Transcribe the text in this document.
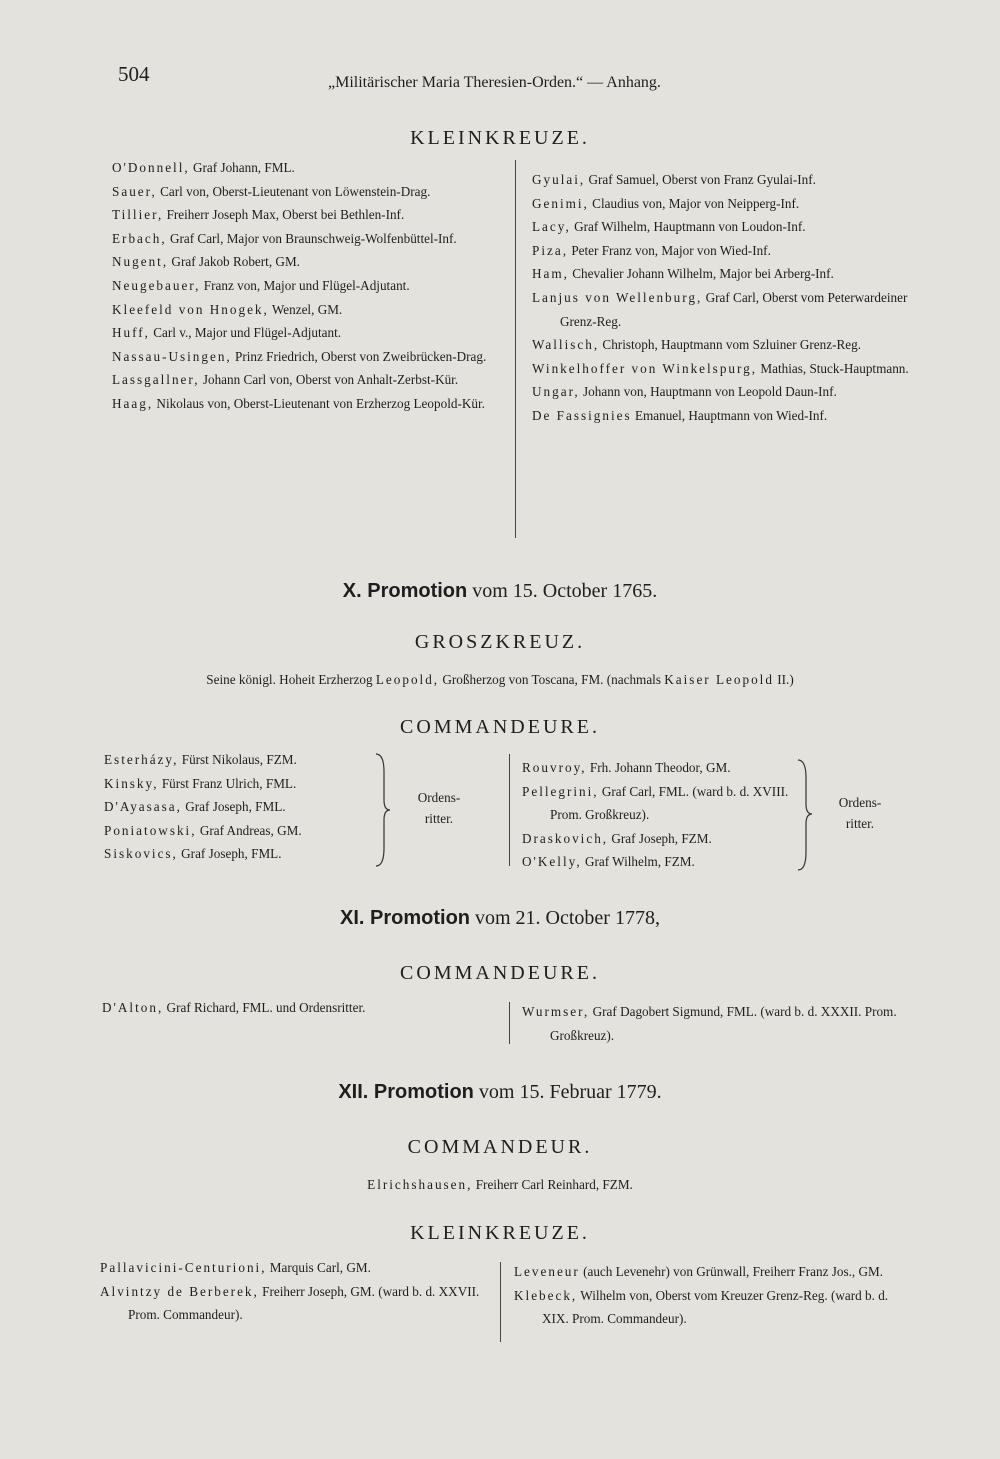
504	„Militärischer Maria Theresien-Orden.“ — Anhang.
KLEINKREUZE.
O'Donnell, Graf Johann, FML.
Sauer, Carl von, Oberst-Lieutenant von Löwenstein-Drag.
Tillier, Freiherr Joseph Max, Oberst bei Bethlen-Inf.
Erbach, Graf Carl, Major von Braunschweig-Wolfenbüttel-Inf.
Nugent, Graf Jakob Robert, GM.
Neugebauer, Franz von, Major und Flügel-Adjutant.
Kleefeld von Hnogek, Wenzel, GM.
Huff, Carl v., Major und Flügel-Adjutant.
Nassau-Usingen, Prinz Friedrich, Oberst von Zweibrücken-Drag.
Lassgallner, Johann Carl von, Oberst von Anhalt-Zerbst-Kür.
Haag, Nikolaus von, Oberst-Lieutenant von Erzherzog Leopold-Kür.
Gyulai, Graf Samuel, Oberst von Franz Gyulai-Inf.
Genimi, Claudius von, Major von Neipperg-Inf.
Lacy, Graf Wilhelm, Hauptmann von Loudon-Inf.
Piza, Peter Franz von, Major von Wied-Inf.
Ham, Chevalier Johann Wilhelm, Major bei Arberg-Inf.
Lanjus von Wellenburg, Graf Carl, Oberst vom Peterwardeiner Grenz-Reg.
Wallisch, Christoph, Hauptmann vom Szluiner Grenz-Reg.
Winkelhoffer von Winkelspurg, Mathias, Stuck-Hauptmann.
Ungar, Johann von, Hauptmann von Leopold Daun-Inf.
De Fassignies Emanuel, Hauptmann von Wied-Inf.
X. Promotion vom 15. October 1765.
GROSZKREUZ.
Seine königl. Hoheit Erzherzog Leopold, Großherzog von Toscana, FM. (nachmals Kaiser Leopold II.)
COMMANDEURE.
Esterházy, Fürst Nikolaus, FZM.
Kinsky, Fürst Franz Ulrich, FML.
D'Ayasasa, Graf Joseph, FML.
Poniatowski, Graf Andreas, GM.
Siskovics, Graf Joseph, FML.
Ordens-
ritter.
Rouvroy, Frh. Johann Theodor, GM.
Pellegrini, Graf Carl, FML. (ward b. d. XVIII. Prom. Großkreuz).
Draskovich, Graf Joseph, FZM.
O'Kelly, Graf Wilhelm, FZM.
Ordens-
ritter.
XI. Promotion vom 21. October 1778,
COMMANDEURE.
D'Alton, Graf Richard, FML. und Ordensritter.	Wurmser, Graf Dagobert Sigmund, FML. (ward b. d. XXXII. Prom. Großkreuz).
XII. Promotion vom 15. Februar 1779.
COMMANDEUR.
Elrichshausen, Freiherr Carl Reinhard, FZM.
KLEINKREUZE.
Pallavicini-Centurioni, Marquis Carl, GM.
Alvintzy de Berberek, Freiherr Joseph, GM. (ward b. d. XXVII. Prom. Commandeur).
Leveneur (auch Levenehr) von Grünwall, Freiherr Franz Jos., GM.
Klebeck, Wilhelm von, Oberst vom Kreuzer Grenz-Reg. (ward b. d. XIX. Prom. Commandeur).
